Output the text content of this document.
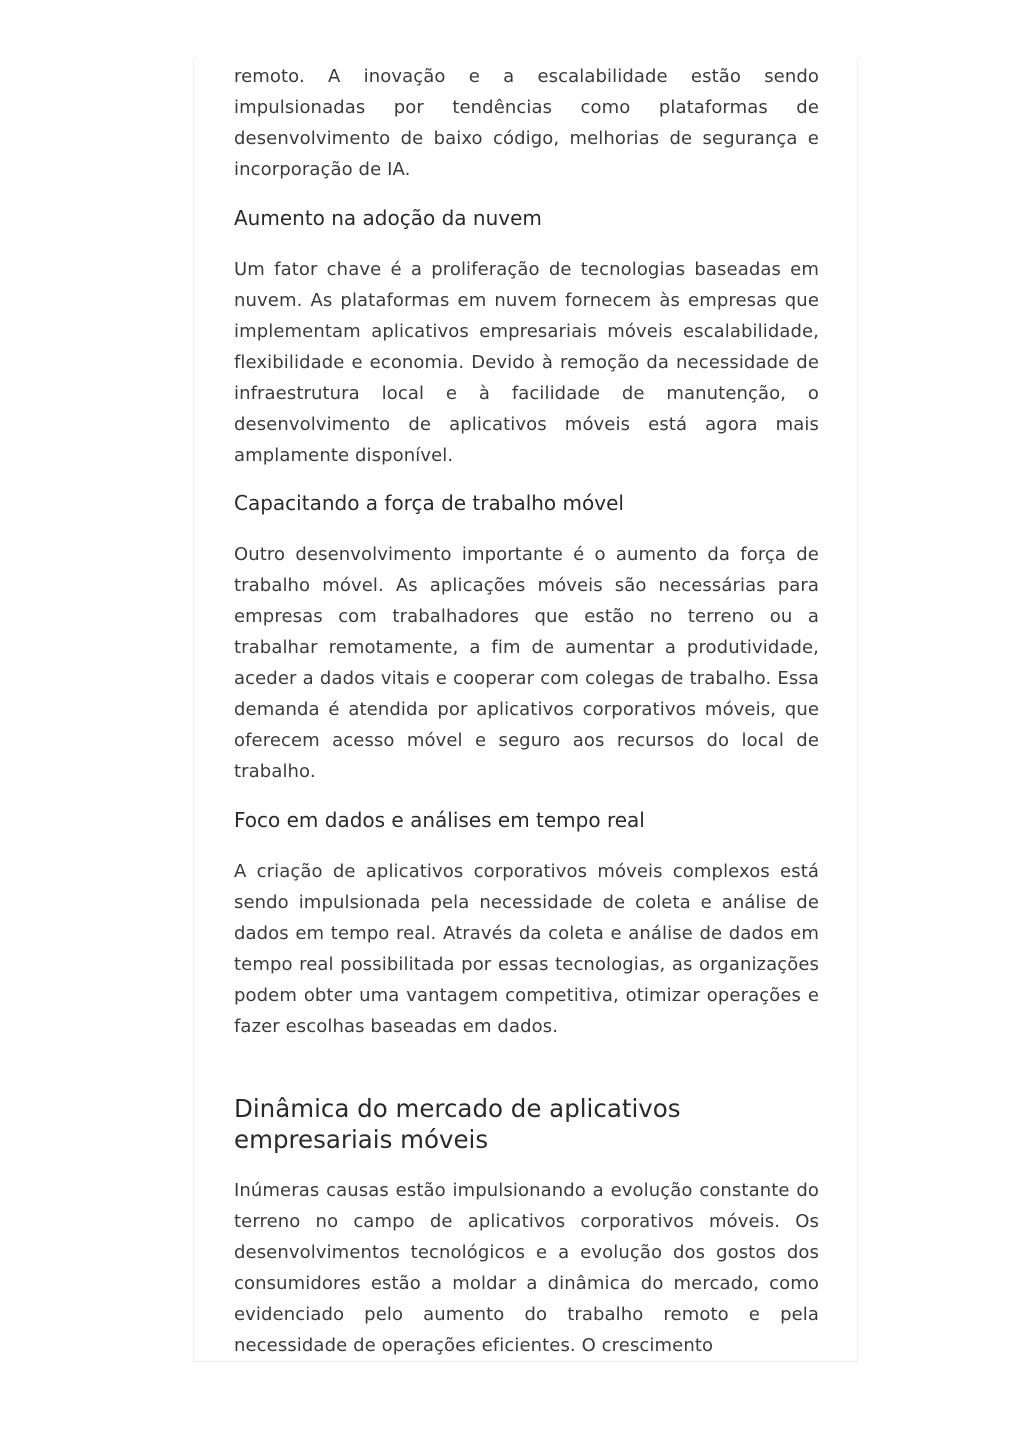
remoto. A inovação e a escalabilidade estão sendo impulsionadas por tendências como plataformas de desenvolvimento de baixo código, melhorias de segurança e incorporação de IA.

Aumento na adoção da nuvem

Um fator chave é a proliferação de tecnologias baseadas em nuvem. As plataformas em nuvem fornecem às empresas que implementam aplicativos empresariais móveis escalabilidade, flexibilidade e economia. Devido à remoção da necessidade de infraestrutura local e à facilidade de manutenção, o desenvolvimento de aplicativos móveis está agora mais amplamente disponível.

Capacitando a força de trabalho móvel

Outro desenvolvimento importante é o aumento da força de trabalho móvel. As aplicações móveis são necessárias para empresas com trabalhadores que estão no terreno ou a trabalhar remotamente, a fim de aumentar a produtividade, aceder a dados vitais e cooperar com colegas de trabalho. Essa demanda é atendida por aplicativos corporativos móveis, que oferecem acesso móvel e seguro aos recursos do local de trabalho.

Foco em dados e análises em tempo real

A criação de aplicativos corporativos móveis complexos está sendo impulsionada pela necessidade de coleta e análise de dados em tempo real. Através da coleta e análise de dados em tempo real possibilitada por essas tecnologias, as organizações podem obter uma vantagem competitiva, otimizar operações e fazer escolhas baseadas em dados.

Dinâmica do mercado de aplicativos empresariais móveis

Inúmeras causas estão impulsionando a evolução constante do terreno no campo de aplicativos corporativos móveis. Os desenvolvimentos tecnológicos e a evolução dos gostos dos consumidores estão a moldar a dinâmica do mercado, como evidenciado pelo aumento do trabalho remoto e pela necessidade de operações eficientes. O crescimento
